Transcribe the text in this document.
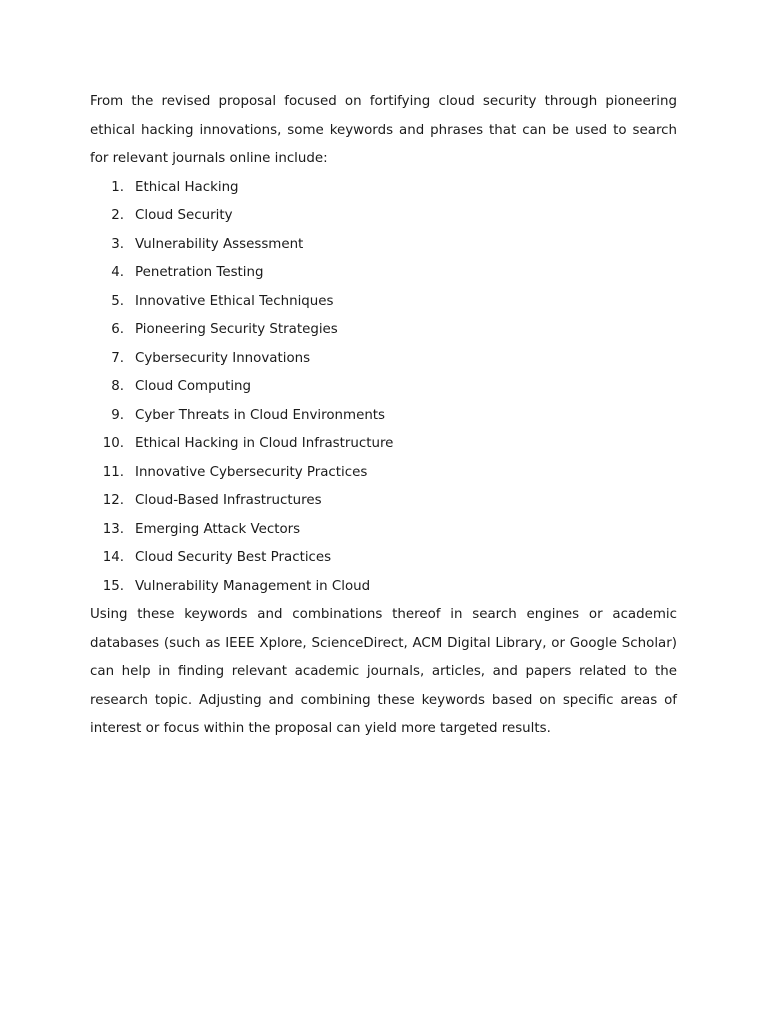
From the revised proposal focused on fortifying cloud security through pioneering ethical hacking innovations, some keywords and phrases that can be used to search for relevant journals online include:

1. Ethical Hacking
2. Cloud Security
3. Vulnerability Assessment
4. Penetration Testing
5. Innovative Ethical Techniques
6. Pioneering Security Strategies
7. Cybersecurity Innovations
8. Cloud Computing
9. Cyber Threats in Cloud Environments
10. Ethical Hacking in Cloud Infrastructure
11. Innovative Cybersecurity Practices
12. Cloud-Based Infrastructures
13. Emerging Attack Vectors
14. Cloud Security Best Practices
15. Vulnerability Management in Cloud

Using these keywords and combinations thereof in search engines or academic databases (such as IEEE Xplore, ScienceDirect, ACM Digital Library, or Google Scholar) can help in finding relevant academic journals, articles, and papers related to the research topic. Adjusting and combining these keywords based on specific areas of interest or focus within the proposal can yield more targeted results.
